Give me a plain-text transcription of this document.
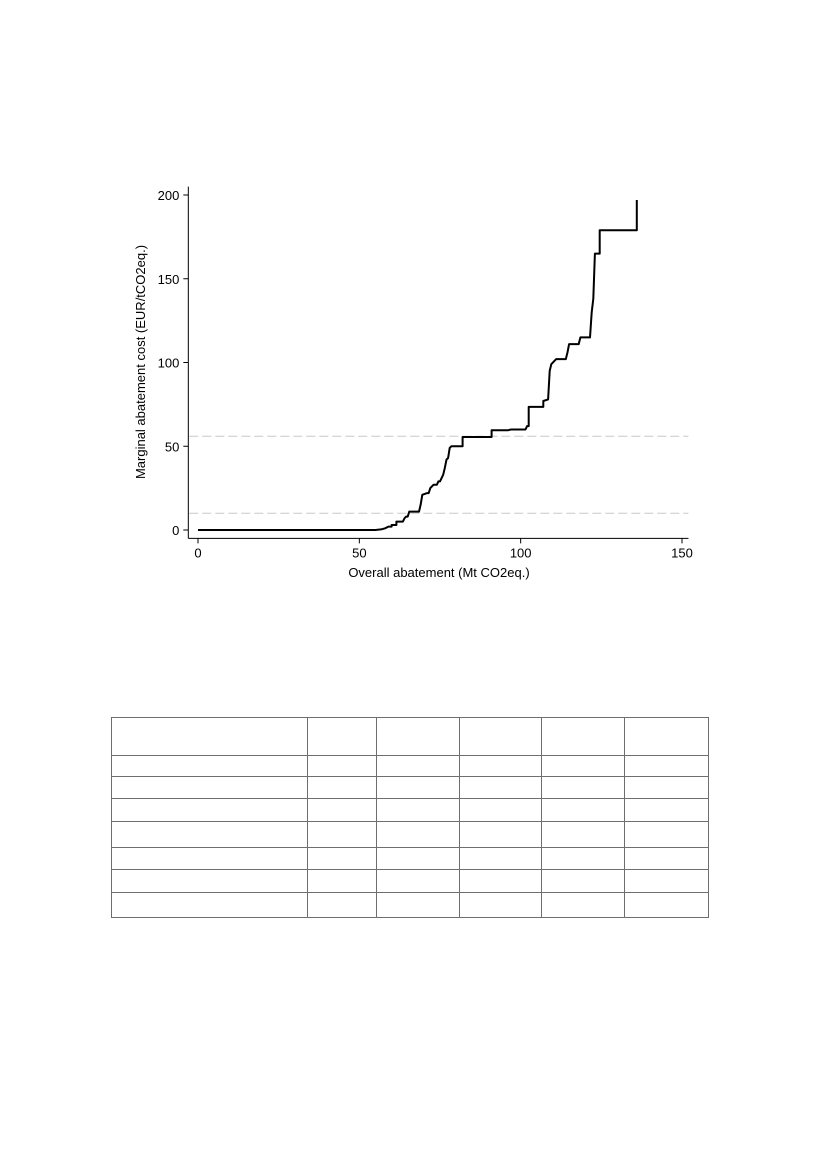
0	50	100	150
0
50
100
150
200
Overall abatement (Mt CO2eq.)
Marginal abatement cost (EUR/tCO2eq.)
